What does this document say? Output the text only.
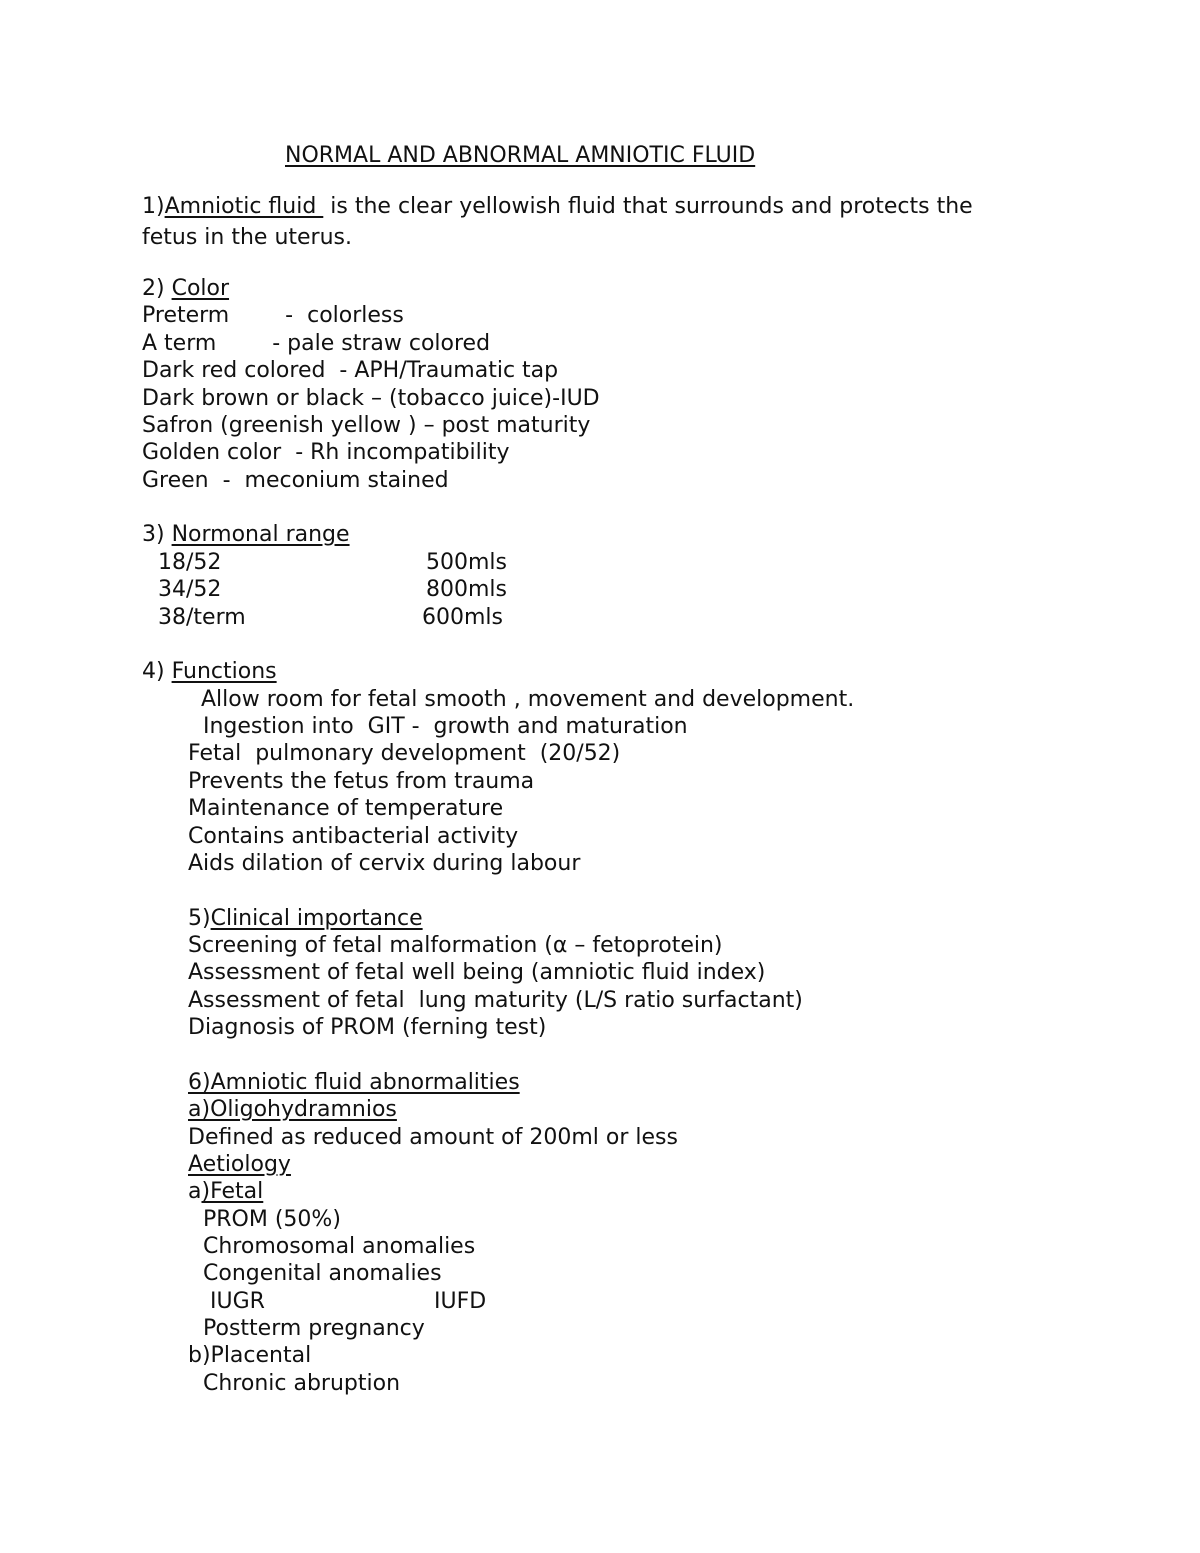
NORMAL AND ABNORMAL AMNIOTIC FLUID

1)Amniotic fluid  is the clear yellowish fluid that surrounds and protects the

fetus in the uterus.

2) Color

Preterm        -  colorless

A term        - pale straw colored

Dark red colored  - APH/Traumatic tap

Dark brown or black – (tobacco juice)-IUD

Safron (greenish yellow ) – post maturity

Golden color  - Rh incompatibility

Green  -  meconium stained

3) Normonal range

18/52	500mls

34/52	800mls

38/term	600mls

4) Functions

Allow room for fetal smooth , movement and development.

Ingestion into  GIT -  growth and maturation

Fetal  pulmonary development  (20/52)

Prevents the fetus from trauma

Maintenance of temperature

Contains antibacterial activity

Aids dilation of cervix during labour

5)Clinical importance

Screening of fetal malformation (α – fetoprotein)

Assessment of fetal well being (amniotic fluid index)

Assessment of fetal  lung maturity (L/S ratio surfactant)

Diagnosis of PROM (ferning test)

6)Amniotic fluid abnormalities

a)Oligohydramnios

Defined as reduced amount of 200ml or less

Aetiology

a)Fetal

PROM (50%)

Chromosomal anomalies

Congenital anomalies

IUGR	IUFD

Postterm pregnancy

b)Placental

Chronic abruption
